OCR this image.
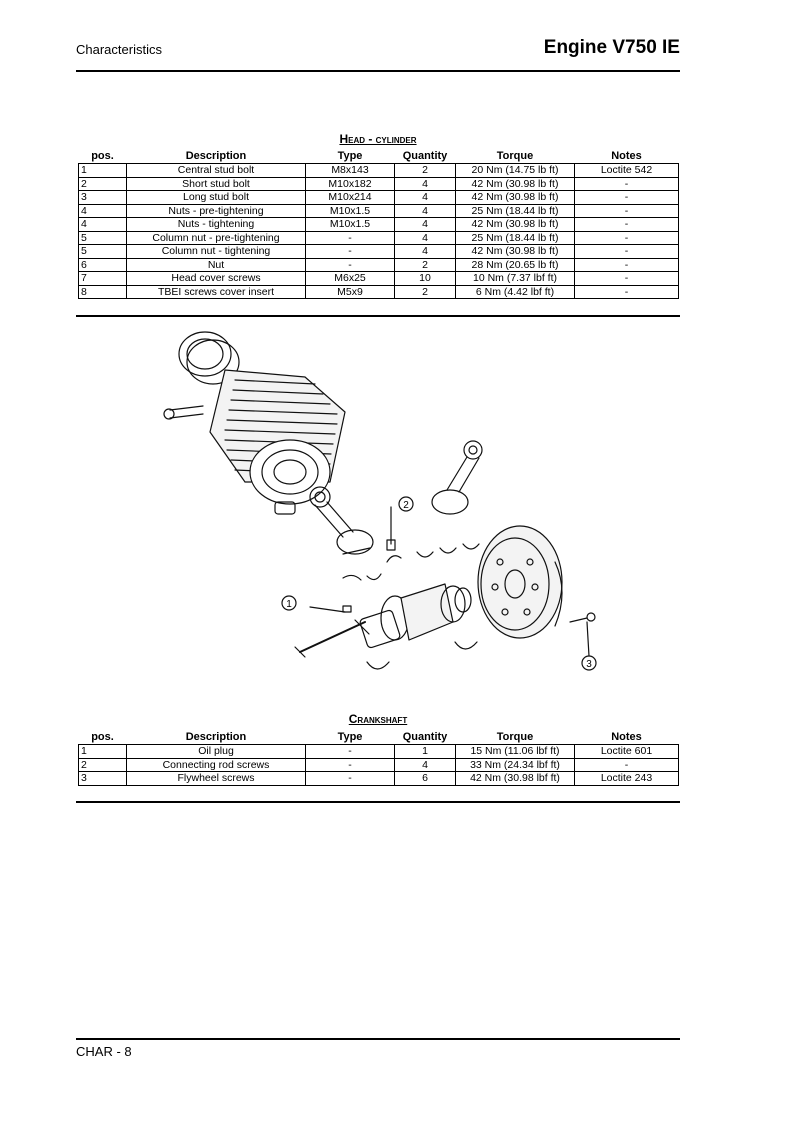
Characteristics	Engine V750 IE
Head - cylinder
pos.	Description	Type	Quantity	Torque	Notes
1	Central stud bolt	M8x143	2	20 Nm (14.75 lb ft)	Loctite 542
2	Short stud bolt	M10x182	4	42 Nm (30.98 lb ft)	-
3	Long stud bolt	M10x214	4	42 Nm (30.98 lb ft)	-
4	Nuts - pre-tightening	M10x1.5	4	25 Nm (18.44 lb ft)	-
4	Nuts - tightening	M10x1.5	4	42 Nm (30.98 lb ft)	-
5	Column nut - pre-tightening	-	4	25 Nm (18.44 lb ft)	-
5	Column nut - tightening	-	4	42 Nm (30.98 lb ft)	-
6	Nut	-	2	28 Nm (20.65 lb ft)	-
7	Head cover screws	M6x25	10	10 Nm (7.37 lbf ft)	-
8	TBEI screws cover insert	M5x9	2	6 Nm (4.42 lbf ft)	-
1
2
3
Crankshaft
pos.	Description	Type	Quantity	Torque	Notes
1	Oil plug	-	1	15 Nm (11.06 lbf ft)	Loctite 601
2	Connecting rod screws	-	4	33 Nm (24.34 lbf ft)	-
3	Flywheel screws	-	6	42 Nm (30.98 lbf ft)	Loctite 243
CHAR - 8
